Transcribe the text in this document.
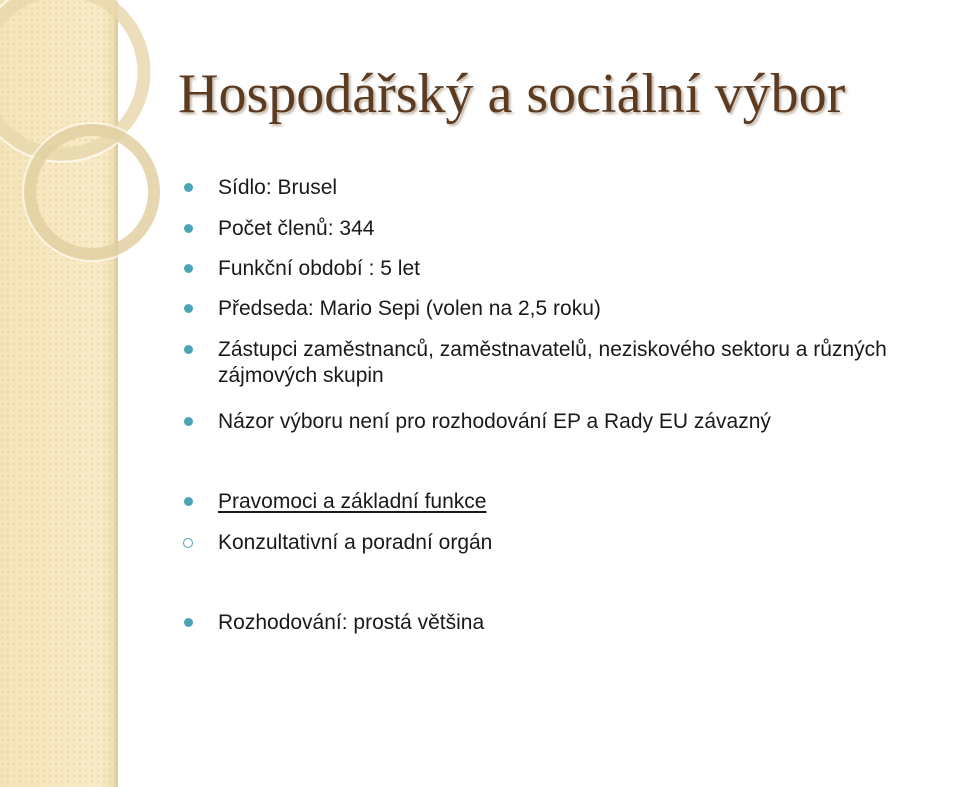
Hospodářský a sociální výbor
Sídlo: Brusel
Počet členů: 344
Funkční období : 5 let
Předseda: Mario Sepi (volen na 2,5 roku)
Zástupci zaměstnanců, zaměstnavatelů, neziskového sektoru a různých zájmových skupin
Názor výboru není pro rozhodování EP a Rady EU závazný
Pravomoci a základní funkce
Konzultativní a poradní orgán
Rozhodování: prostá většina
